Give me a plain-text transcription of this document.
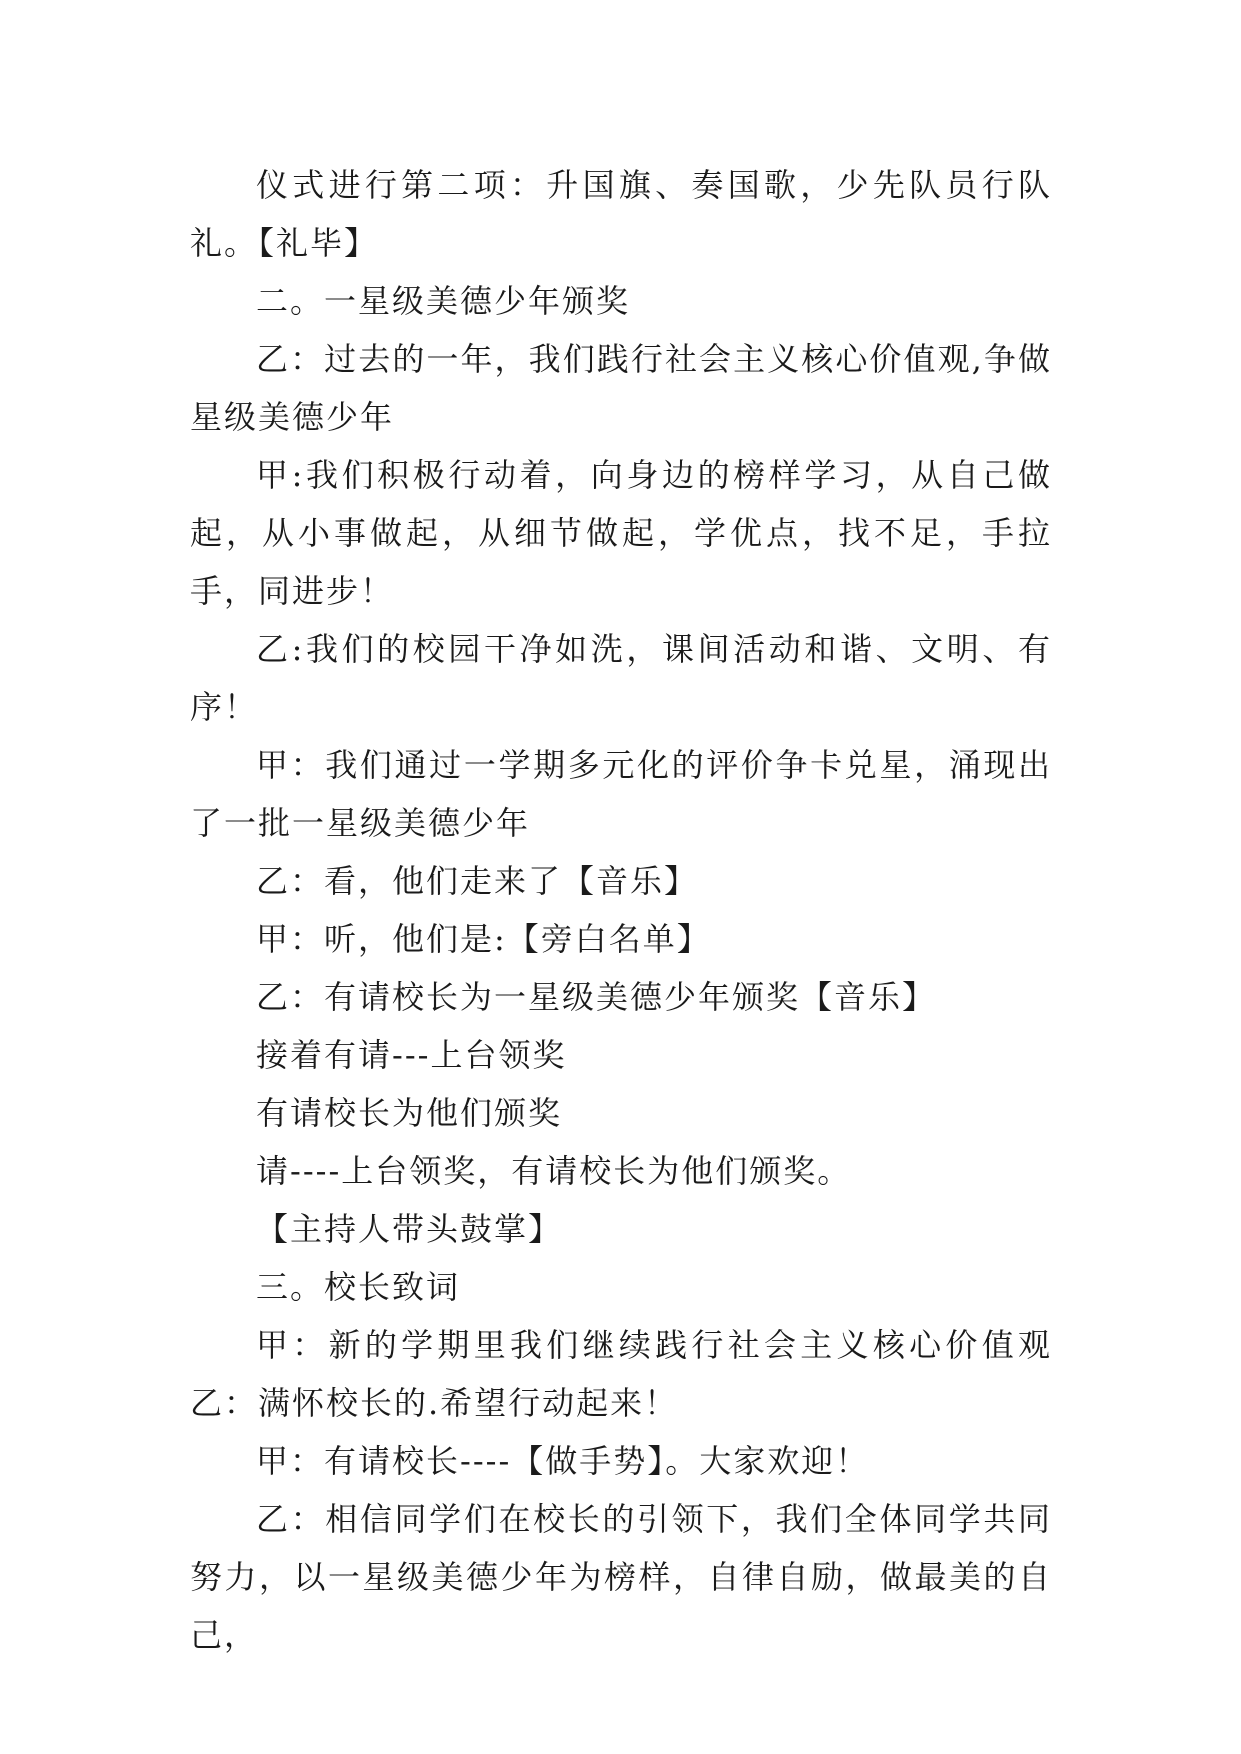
仪式进行第二项：升国旗、奏国歌，少先队员行队礼。【礼毕】

二。一星级美德少年颁奖

乙：过去的一年，我们践行社会主义核心价值观,争做星级美德少年

甲:我们积极行动着，向身边的榜样学习，从自己做起，从小事做起，从细节做起，学优点，找不足，手拉手，同进步！

乙:我们的校园干净如洗，课间活动和谐、文明、有序！

甲：我们通过一学期多元化的评价争卡兑星，涌现出了一批一星级美德少年

乙：看，他们走来了【音乐】

甲：听，他们是:【旁白名单】

乙：有请校长为一星级美德少年颁奖【音乐】

接着有请---上台领奖

有请校长为他们颁奖

请----上台领奖，有请校长为他们颁奖。

【主持人带头鼓掌】

三。校长致词

甲：新的学期里我们继续践行社会主义核心价值观乙：满怀校长的.希望行动起来！

甲：有请校长----【做手势】。大家欢迎！

乙：相信同学们在校长的引领下，我们全体同学共同努力，以一星级美德少年为榜样，自律自励，做最美的自己，
